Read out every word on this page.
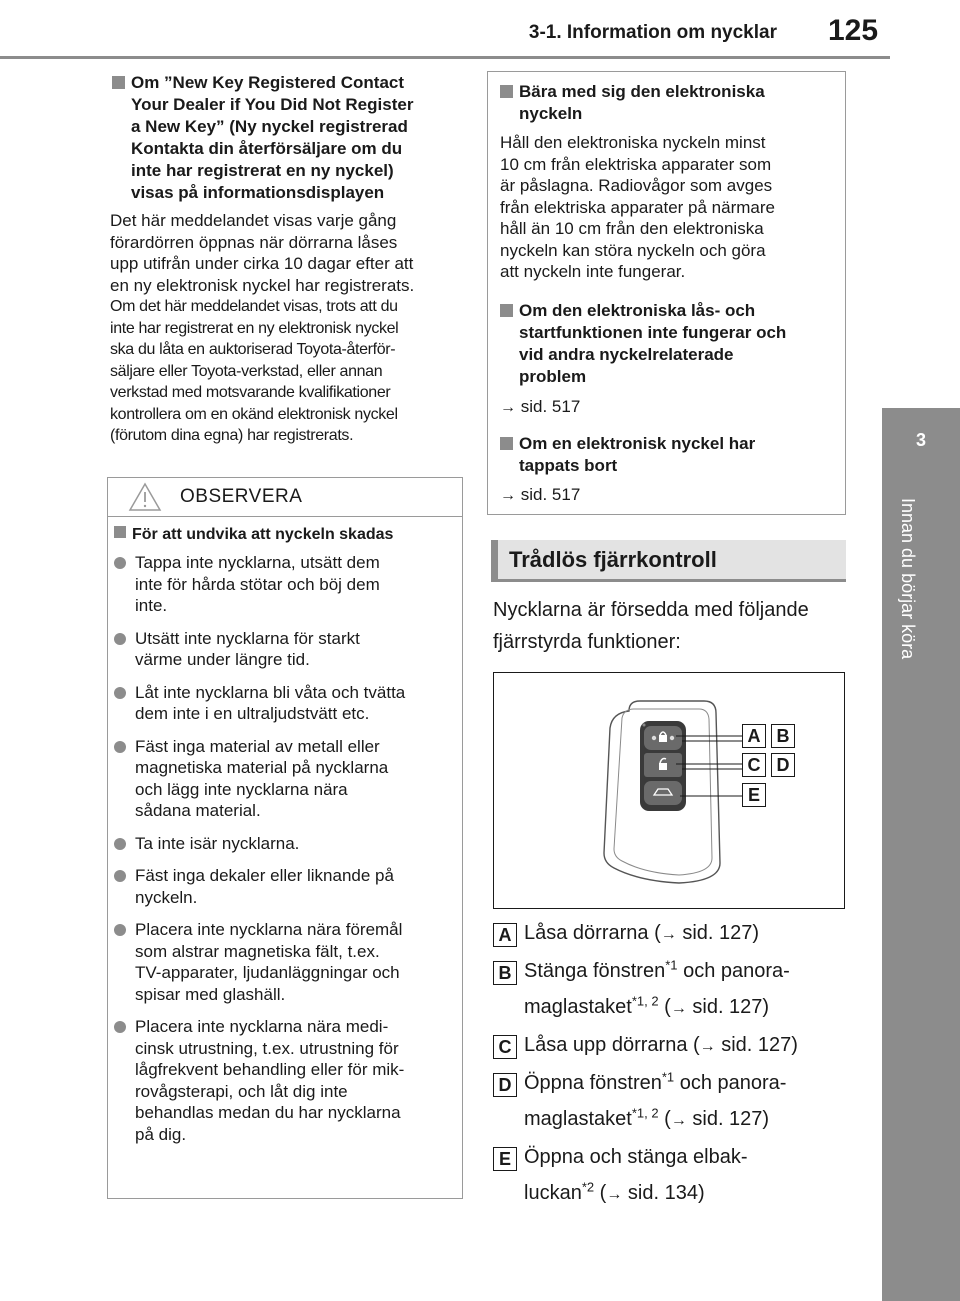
3-1. Information om nycklar 125
3
Innan du börjar köra
Om ”New Key Registered Contact
Your Dealer if You Did Not Register
a New Key” (Ny nyckel registrerad
Kontakta din återförsäljare om du
inte har registrerat en ny nyckel)
visas på informationsdisplayen
Det här meddelandet visas varje gång
förardörren öppnas när dörrarna låses
upp utifrån under cirka 10 dagar efter att
en ny elektronisk nyckel har registrerats.
Om det här meddelandet visas, trots att du
inte har registrerat en ny elektronisk nyckel
ska du låta en auktoriserad Toyota-återför-
säljare eller Toyota-verkstad, eller annan
verkstad med motsvarande kvalifikationer
kontrollera om en okänd elektronisk nyckel
(förutom dina egna) har registrerats.
OBSERVERA
För att undvika att nyckeln skadas
Tappa inte nycklarna, utsätt dem
inte för hårda stötar och böj dem
inte.
Utsätt inte nycklarna för starkt
värme under längre tid.
Låt inte nycklarna bli våta och tvätta
dem inte i en ultraljudstvätt etc.
Fäst inga material av metall eller
magnetiska material på nycklarna
och lägg inte nycklarna nära
sådana material.
Ta inte isär nycklarna.
Fäst inga dekaler eller liknande på
nyckeln.
Placera inte nycklarna nära föremål
som alstrar magnetiska fält, t.ex.
TV-apparater, ljudanläggningar och
spisar med glashäll.
Placera inte nycklarna nära medi-
cinsk utrustning, t.ex. utrustning för
lågfrekvent behandling eller för mik-
rovågsterapi, och låt dig inte
behandlas medan du har nycklarna
på dig.
Bära med sig den elektroniska
nyckeln
Håll den elektroniska nyckeln minst
10 cm från elektriska apparater som
är påslagna. Radiovågor som avges
från elektriska apparater på närmare
håll än 10 cm från den elektroniska
nyckeln kan störa nyckeln och göra
att nyckeln inte fungerar.
Om den elektroniska lås- och
startfunktionen inte fungerar och
vid andra nyckelrelaterade
problem
→ sid. 517
Om en elektronisk nyckel har
tappats bort
→ sid. 517
Trådlös fjärrkontroll
Nycklarna är försedda med följande
fjärrstyrda funktioner:
A B
C D
E
A Låsa dörrarna (→ sid. 127)
B Stänga fönstren$^{*1}$ och panora-
maglastaket$^{*1, 2}$ (→ sid. 127)
C Låsa upp dörrarna (→ sid. 127)
D Öppna fönstren$^{*1}$ och panora-
maglastaket$^{*1, 2}$ (→ sid. 127)
E Öppna och stänga elbak-
luckan$^{*2}$ (→ sid. 134)
